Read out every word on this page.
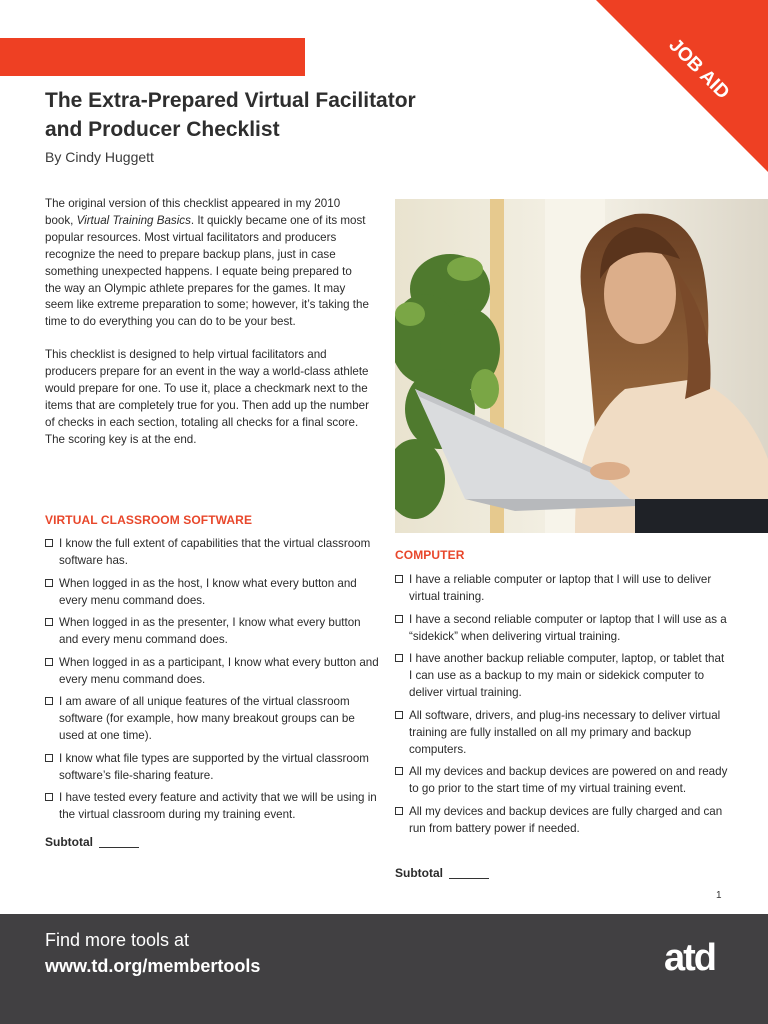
JOB AID
The Extra-Prepared Virtual Facilitator
and Producer Checklist
By Cindy Huggett

The original version of this checklist appeared in my 2010 book, Virtual Training Basics. It quickly became one of its most popular resources. Most virtual facilitators and producers recognize the need to prepare backup plans, just in case something unexpected happens. I equate being prepared to the way an Olympic athlete prepares for the games. It may seem like extreme preparation to some; however, it’s taking the time to do everything you can do to be your best.

This checklist is designed to help virtual facilitators and producers prepare for an event in the way a world-class athlete would prepare for one. To use it, place a checkmark next to the items that are completely true for you. Then add up the number of checks in each section, totaling all checks for a final score. The scoring key is at the end.

VIRTUAL CLASSROOM SOFTWARE
I know the full extent of capabilities that the virtual classroom software has.
When logged in as the host, I know what every button and every menu command does.
When logged in as the presenter, I know what every button and every menu command does.
When logged in as a participant, I know what every button and every menu command does.
I am aware of all unique features of the virtual classroom software (for example, how many breakout groups can be used at one time).
I know what file types are supported by the virtual classroom software’s file-sharing feature.
I have tested every feature and activity that we will be using in the virtual classroom during my training event.
Subtotal
COMPUTER
I have a reliable computer or laptop that I will use to deliver virtual training.
I have a second reliable computer or laptop that I will use as a “sidekick” when delivering virtual training.
I have another backup reliable computer, laptop, or tablet that I can use as a backup to my main or sidekick computer to deliver virtual training.
All software, drivers, and plug-ins necessary to deliver virtual training are fully installed on all my primary and backup computers.
All my devices and backup devices are powered on and ready to go prior to the start time of my virtual training event.
All my devices and backup devices are fully charged and can run from battery power if needed.
Subtotal
1
Find more tools at
www.td.org/membertools	atd
